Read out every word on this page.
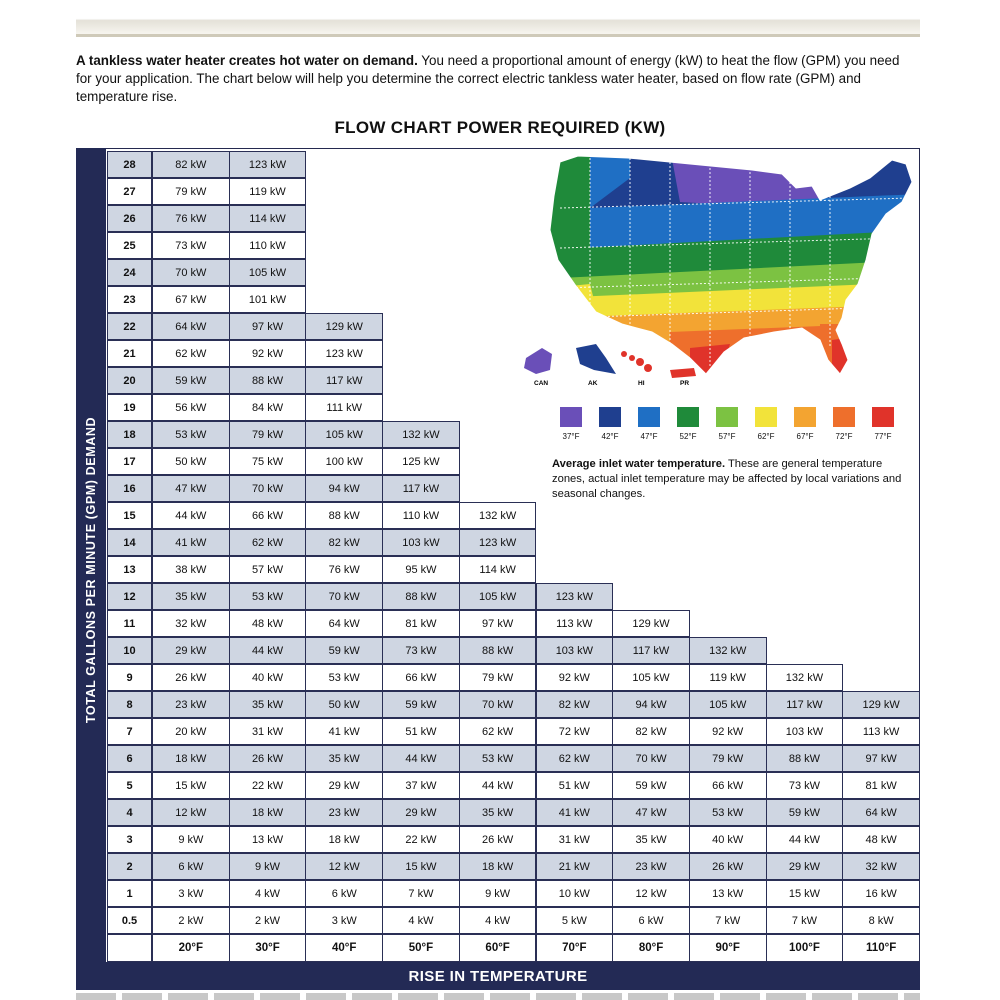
A tankless water heater creates hot water on demand. You need a proportional amount of energy (kW) to heat the flow (GPM) you need for your application. The chart below will help you determine the correct electric tankless water heater, based on flow rate (GPM) and temperature rise.
FLOW CHART POWER REQUIRED (KW)
TOTAL GALLONS PER MINUTE (GPM) DEMAND
RISE IN TEMPERATURE
28	82 kW	123 kW
27	79 kW	119 kW
26	76 kW	114 kW
25	73 kW	110 kW
24	70 kW	105 kW
23	67 kW	101 kW
22	64 kW	97 kW	129 kW
21	62 kW	92 kW	123 kW
20	59 kW	88 kW	117 kW
19	56 kW	84 kW	111 kW
18	53 kW	79 kW	105 kW	132 kW
17	50 kW	75 kW	100 kW	125 kW
16	47 kW	70 kW	94 kW	117 kW
15	44 kW	66 kW	88 kW	110 kW	132 kW
14	41 kW	62 kW	82 kW	103 kW	123 kW
13	38 kW	57 kW	76 kW	95 kW	114 kW
12	35 kW	53 kW	70 kW	88 kW	105 kW	123 kW
11	32 kW	48 kW	64 kW	81 kW	97 kW	113 kW	129 kW
10	29 kW	44 kW	59 kW	73 kW	88 kW	103 kW	117 kW	132 kW
9	26 kW	40 kW	53 kW	66 kW	79 kW	92 kW	105 kW	119 kW	132 kW
8	23 kW	35 kW	50 kW	59 kW	70 kW	82 kW	94 kW	105 kW	117 kW	129 kW
7	20 kW	31 kW	41 kW	51 kW	62 kW	72 kW	82 kW	92 kW	103 kW	113 kW
6	18 kW	26 kW	35 kW	44 kW	53 kW	62 kW	70 kW	79 kW	88 kW	97 kW
5	15 kW	22 kW	29 kW	37 kW	44 kW	51 kW	59 kW	66 kW	73 kW	81 kW
4	12 kW	18 kW	23 kW	29 kW	35 kW	41 kW	47 kW	53 kW	59 kW	64 kW
3	9 kW	13 kW	18 kW	22 kW	26 kW	31 kW	35 kW	40 kW	44 kW	48 kW
2	6 kW	9 kW	12 kW	15 kW	18 kW	21 kW	23 kW	26 kW	29 kW	32 kW
1	3 kW	4 kW	6 kW	7 kW	9 kW	10 kW	12 kW	13 kW	15 kW	16 kW
0.5	2 kW	2 kW	3 kW	4 kW	4 kW	5 kW	6 kW	7 kW	7 kW	8 kW
20°F	30°F	40°F	50°F	60°F	70°F	80°F	90°F	100°F	110°F
CAN	AK	HI	PR
37°F	42°F	47°F	52°F	57°F	62°F	67°F	72°F	77°F
Average inlet water temperature. These are general temperature zones, actual inlet temperature may be affected by local variations and seasonal changes.
